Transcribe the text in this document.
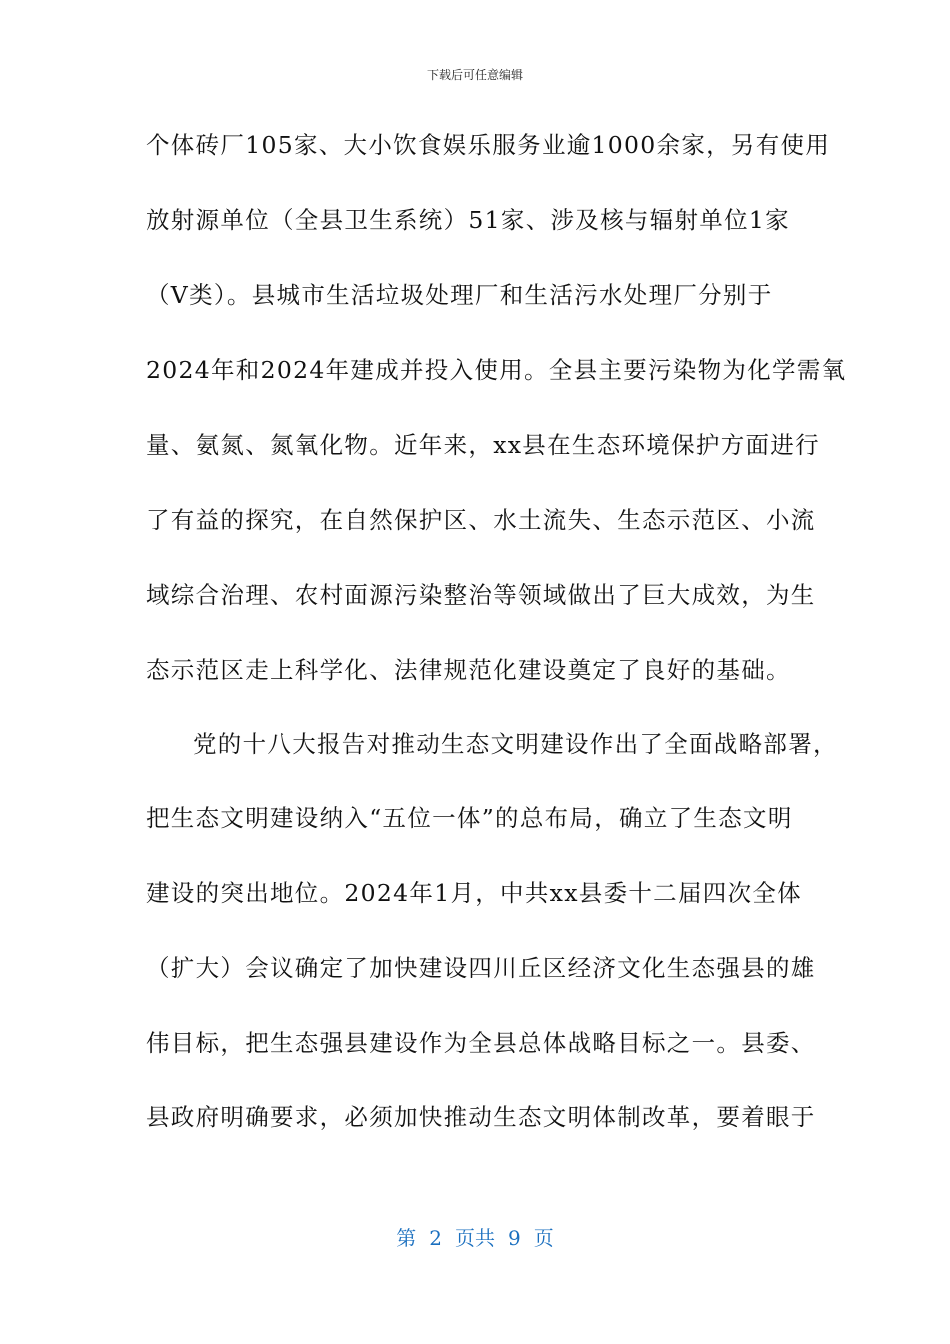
下载后可任意编辑
个体砖厂105家、大小饮食娱乐服务业逾1000余家，另有使用
放射源单位（全县卫生系统）51家、涉及核与辐射单位1家
（Ⅴ类）。县城市生活垃圾处理厂和生活污水处理厂分别于
2024年和2024年建成并投入使用。全县主要污染物为化学需氧
量、氨氮、氮氧化物。近年来，xx县在生态环境保护方面进行
了有益的探究，在自然保护区、水土流失、生态示范区、小流
域综合治理、农村面源污染整治等领域做出了巨大成效，为生
态示范区走上科学化、法律规范化建设奠定了良好的基础。
党的十八大报告对推动生态文明建设作出了全面战略部署，
把生态文明建设纳入“五位一体”的总布局，确立了生态文明
建设的突出地位。2024年1月，中共xx县委十二届四次全体
（扩大）会议确定了加快建设四川丘区经济文化生态强县的雄
伟目标，把生态强县建设作为全县总体战略目标之一。县委、
县政府明确要求，必须加快推动生态文明体制改革，要着眼于
第 2 页共 9 页
